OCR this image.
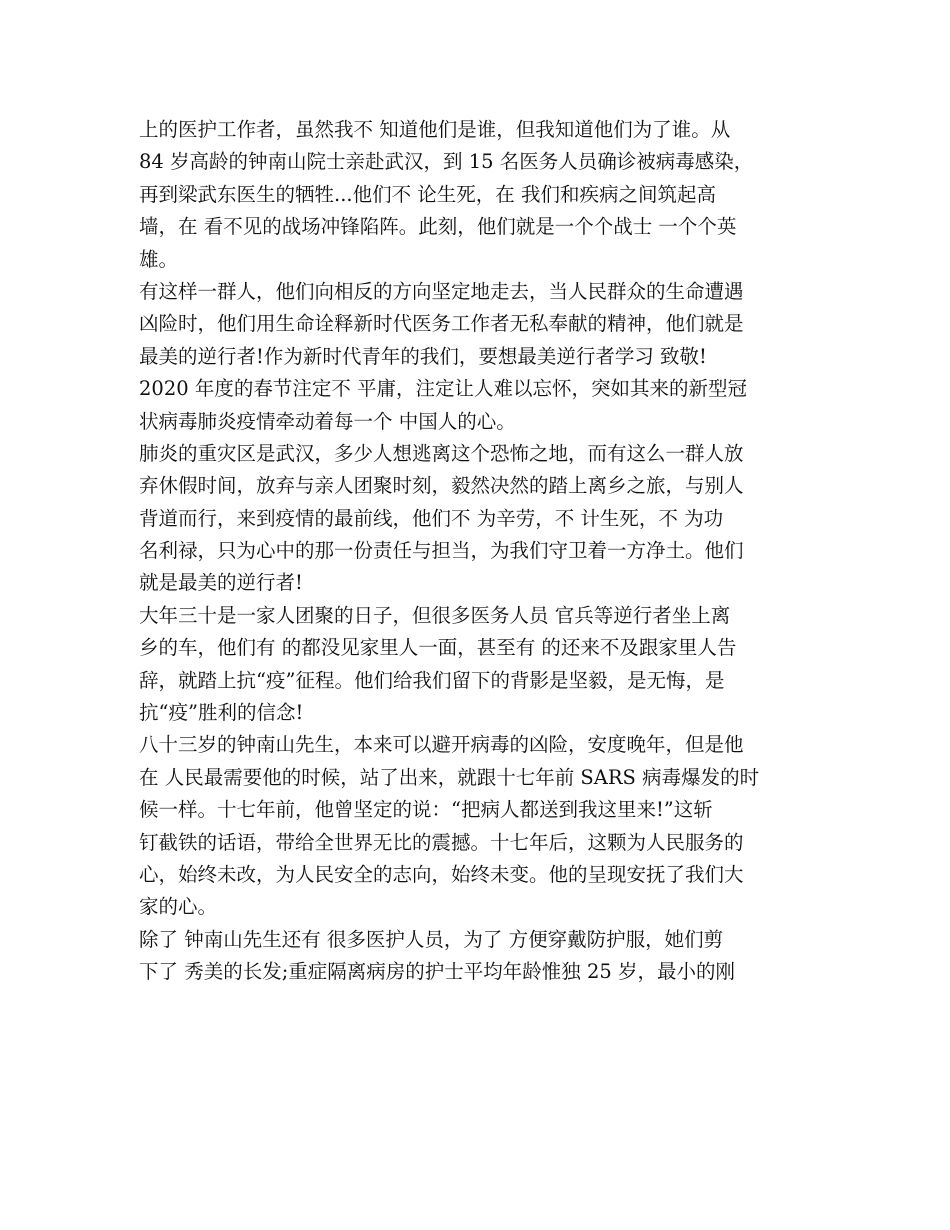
上的医护工作者，虽然我不 知道他们是谁，但我知道他们为了谁。从
84 岁高龄的钟南山院士亲赴武汉，到 15 名医务人员确诊被病毒感染，
再到梁武东医生的牺牲...他们不 论生死，在 我们和疾病之间筑起高
墙，在 看不见的战场冲锋陷阵。此刻，他们就是一个个战士 一个个英
雄。
有这样一群人，他们向相反的方向坚定地走去，当人民群众的生命遭遇
凶险时，他们用生命诠释新时代医务工作者无私奉献的精神，他们就是
最美的逆行者!作为新时代青年的我们，要想最美逆行者学习 致敬!
2020 年度的春节注定不 平庸，注定让人难以忘怀，突如其来的新型冠
状病毒肺炎疫情牵动着每一个 中国人的心。
肺炎的重灾区是武汉，多少人想逃离这个恐怖之地，而有这么一群人放
弃休假时间，放弃与亲人团聚时刻，毅然决然的踏上离乡之旅，与别人
背道而行，来到疫情的最前线，他们不 为辛劳，不 计生死，不 为功
名利禄，只为心中的那一份责任与担当，为我们守卫着一方净土。他们
就是最美的逆行者!
大年三十是一家人团聚的日子，但很多医务人员 官兵等逆行者坐上离
乡的车，他们有 的都没见家里人一面，甚至有 的还来不及跟家里人告
辞，就踏上抗“疫”征程。他们给我们留下的背影是坚毅，是无悔，是
抗“疫”胜利的信念!
八十三岁的钟南山先生，本来可以避开病毒的凶险，安度晚年，但是他
在 人民最需要他的时候，站了出来，就跟十七年前 SARS 病毒爆发的时
候一样。十七年前，他曾坚定的说：“把病人都送到我这里来!”这斩
钉截铁的话语，带给全世界无比的震撼。十七年后，这颗为人民服务的
心，始终未改，为人民安全的志向，始终未变。他的呈现安抚了我们大
家的心。
除了 钟南山先生还有 很多医护人员，为了 方便穿戴防护服，她们剪
下了 秀美的长发;重症隔离病房的护士平均年龄惟独 25 岁，最小的刚
